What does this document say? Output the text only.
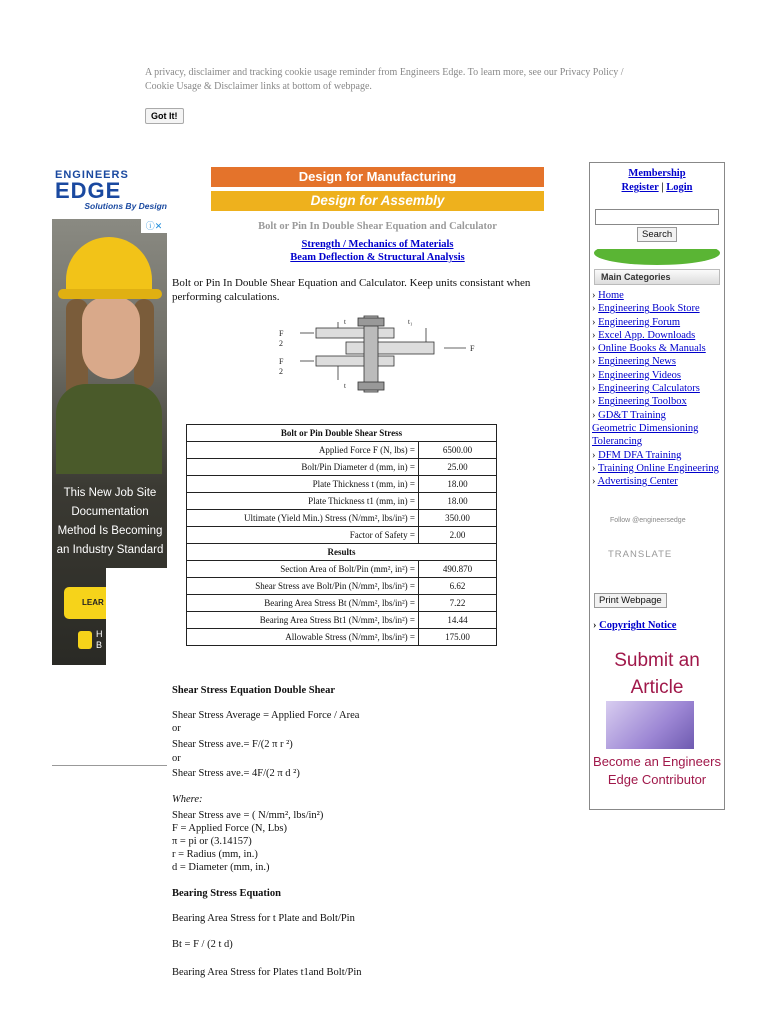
A privacy, disclaimer and tracking cookie usage reminder from Engineers Edge. To learn more, see our Privacy Policy / Cookie Usage & Disclaimer links at bottom of webpage.
Got It!
ENGINEERS
EDGE
Solutions By Design
ⓘ✕
This New Job Site Documentation Method Is Becoming an Industry Standard
LEAR
H
B
Design for Manufacturing
Design for Assembly
Bolt or Pin In Double Shear Equation and Calculator
Strength / Mechanics of Materials
Beam Deflection & Structural Analysis
Bolt or Pin In Double Shear Equation and Calculator. Keep units consistant when performing calculations.
F
2
F
2
F
t	t₁
t
Bolt or Pin Double Shear Stress	
Applied Force F (N, lbs) =	6500.00
Bolt/Pin Diameter d (mm, in) =	25.00
Plate Thickness t (mm, in) =	18.00
Plate Thickness t1 (mm, in) =	18.00
Ultimate (Yield Min.) Stress (N/mm², lbs/in²) =	350.00
Factor of Safety =	2.00
Results	
Section Area of Bolt/Pin (mm², in²) =	490.870
Shear Stress ave Bolt/Pin (N/mm², lbs/in²) =	6.62
Bearing Area Stress Bt (N/mm², lbs/in²) =	7.22
Bearing Area Stress Bt1 (N/mm², lbs/in²) =	14.44
Allowable Stress (N/mm², lbs/in²) =	175.00
Shear Stress Equation Double Shear
Shear Stress Average = Applied Force / Area
or
Shear Stress ave.= F/(2 π r ²)
or
Shear Stress ave.= 4F/(2 π d ²)
Where:
Shear Stress ave = ( N/mm², lbs/in²)
F = Applied Force (N, Lbs)
π = pi or (3.14157)
r = Radius (mm, in.)
d = Diameter (mm, in.)
Bearing Stress Equation
Bearing Area Stress for t Plate and Bolt/Pin
Bt = F / (2 t d)
Bearing Area Stress for Plates t1and Bolt/Pin
Membership
Register | Login
Search
Main Categories
› Home
› Engineering Book Store
› Engineering Forum
› Excel App. Downloads
› Online Books & Manuals
› Engineering News
› Engineering Videos
› Engineering Calculators
› Engineering Toolbox
› GD&T Training
Geometric Dimensioning Tolerancing
› DFM DFA Training
› Training Online Engineering
› Advertising Center
Follow @engineersedge
TRANSLATE
Print Webpage
› Copyright Notice
Submit an Article
Become an Engineers Edge Contributor
